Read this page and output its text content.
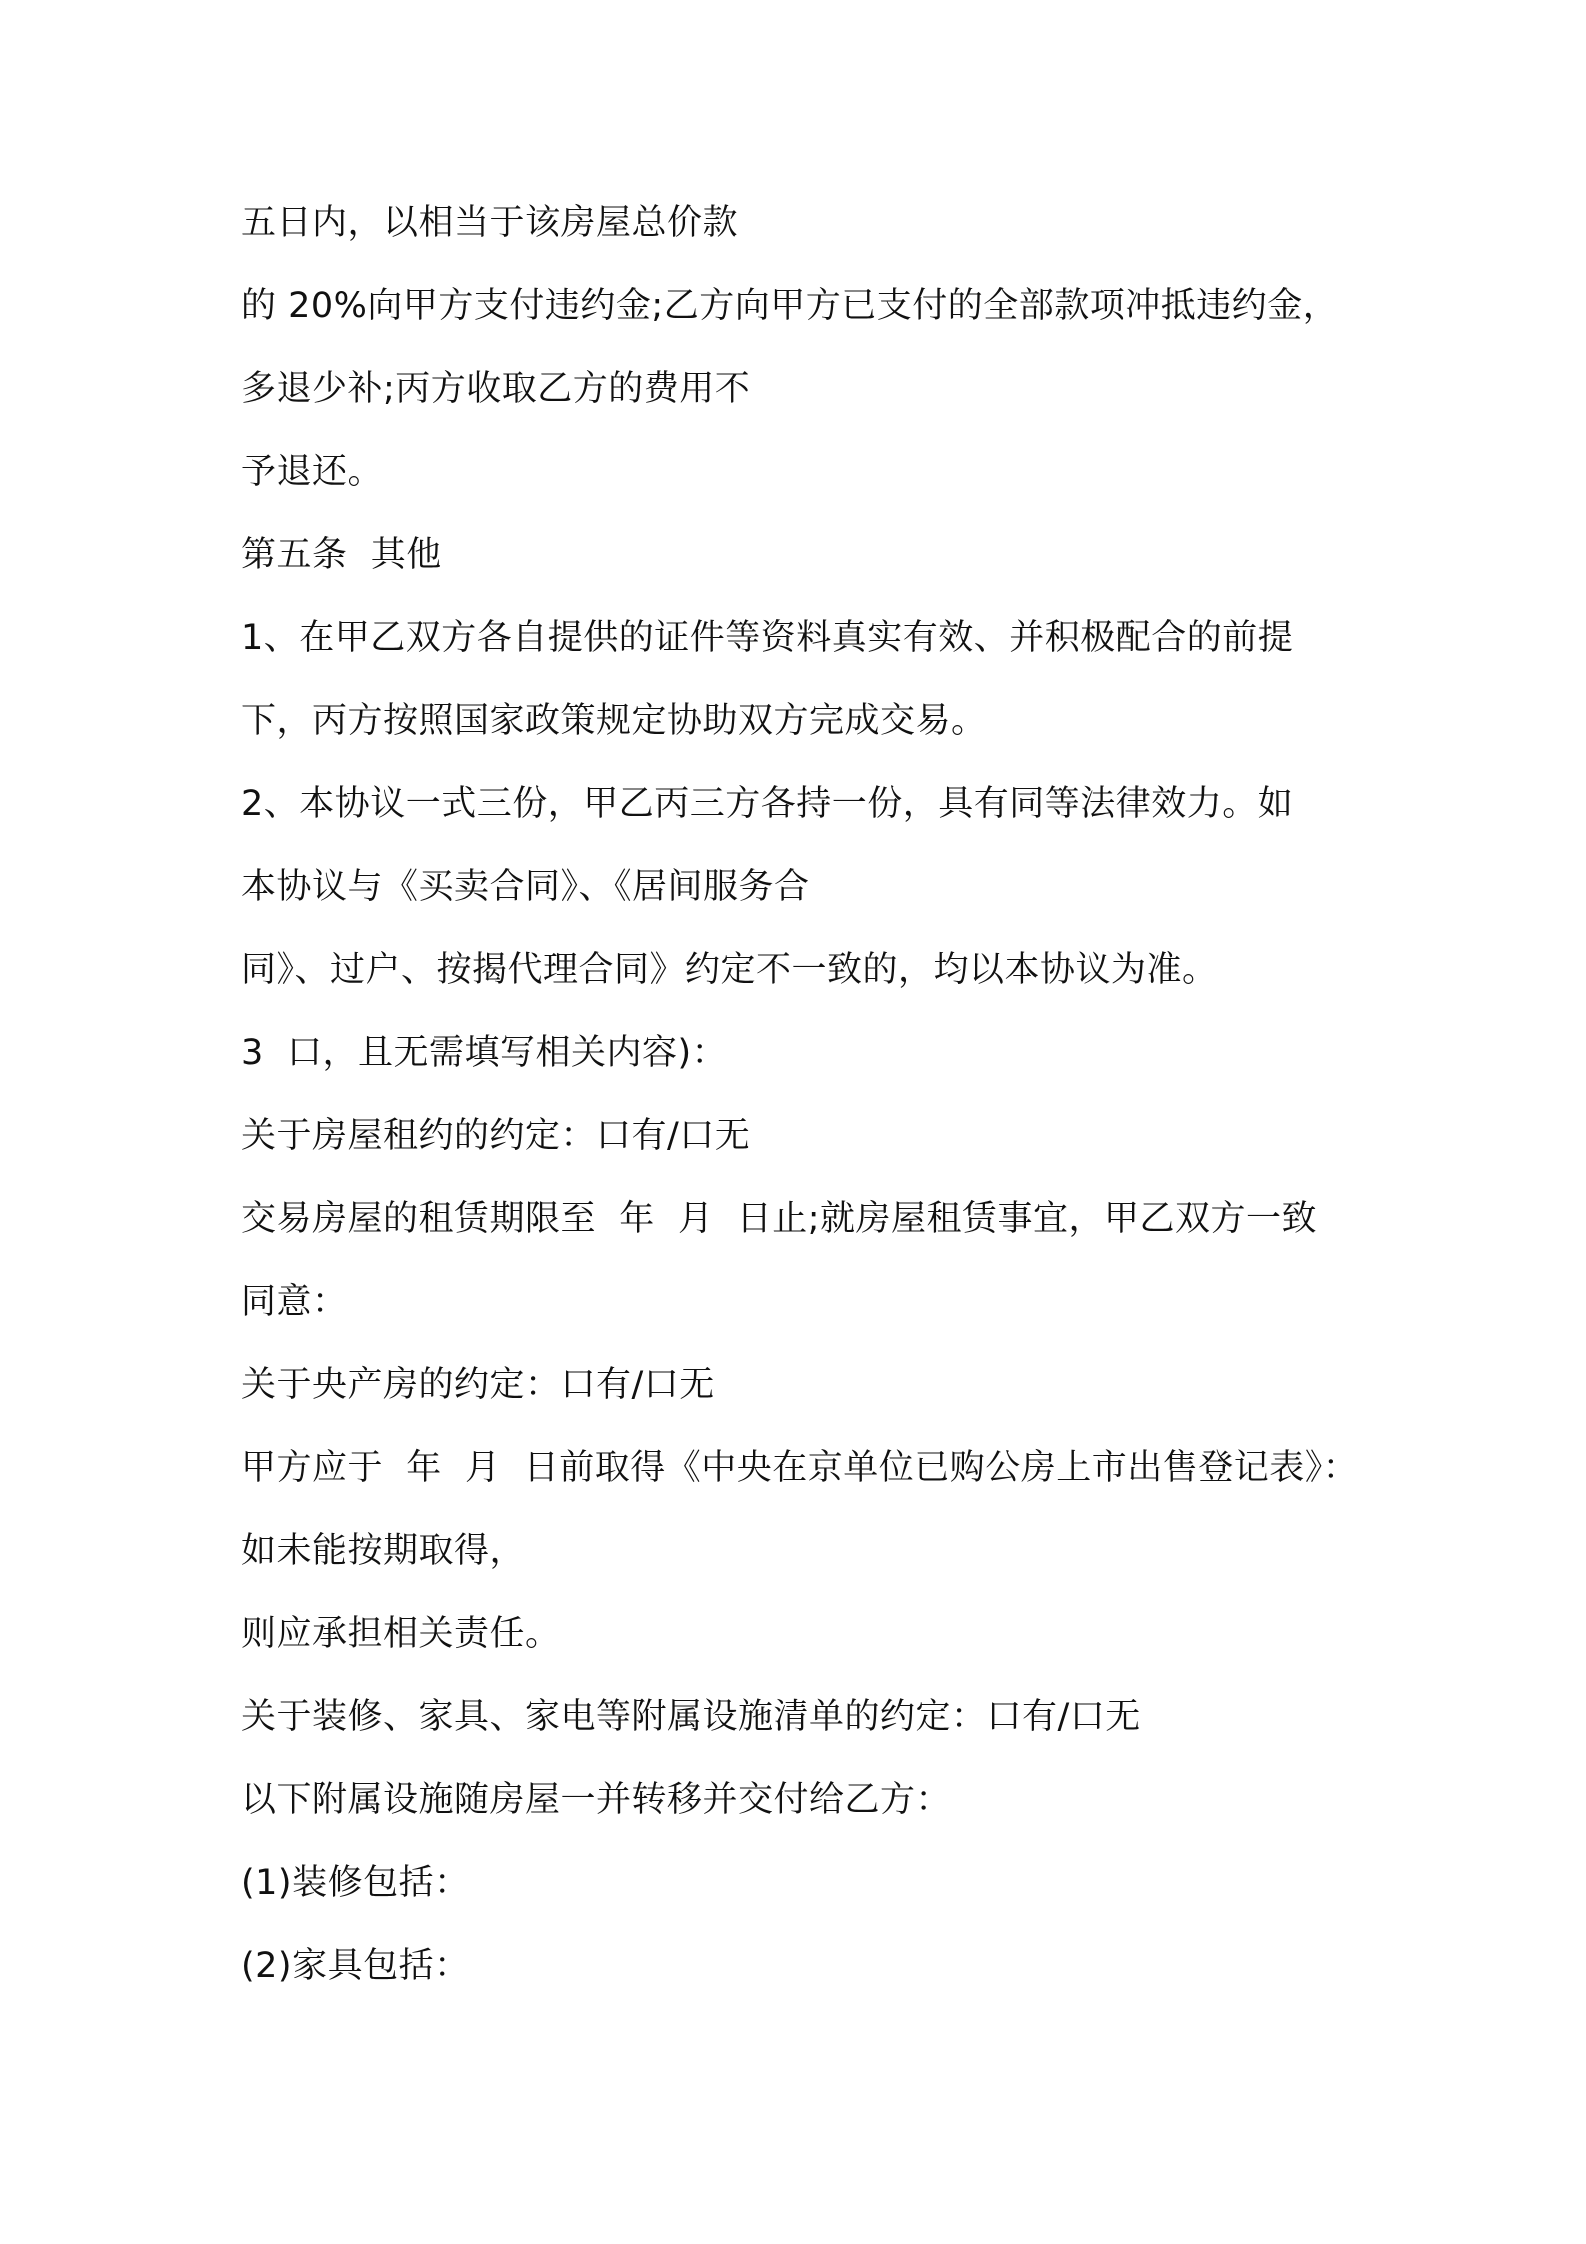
五日内，以相当于该房屋总价款
的 20%向甲方支付违约金;乙方向甲方已支付的全部款项冲抵违约金，
多退少补;丙方收取乙方的费用不
予退还。
第五条  其他
1、在甲乙双方各自提供的证件等资料真实有效、并积极配合的前提
下，丙方按照国家政策规定协助双方完成交易。
2、本协议一式三份，甲乙丙三方各持一份，具有同等法律效力。如
本协议与《买卖合同》、《居间服务合
同》、过户、按揭代理合同》约定不一致的，均以本协议为准。
3  口，且无需填写相关内容)：
关于房屋租约的约定：口有/口无
交易房屋的租赁期限至  年  月  日止;就房屋租赁事宜，甲乙双方一致
同意：
关于央产房的约定：口有/口无
甲方应于  年  月  日前取得《中央在京单位已购公房上市出售登记表》：
如未能按期取得，
则应承担相关责任。
关于装修、家具、家电等附属设施清单的约定：口有/口无
以下附属设施随房屋一并转移并交付给乙方：
(1)装修包括：
(2)家具包括：
